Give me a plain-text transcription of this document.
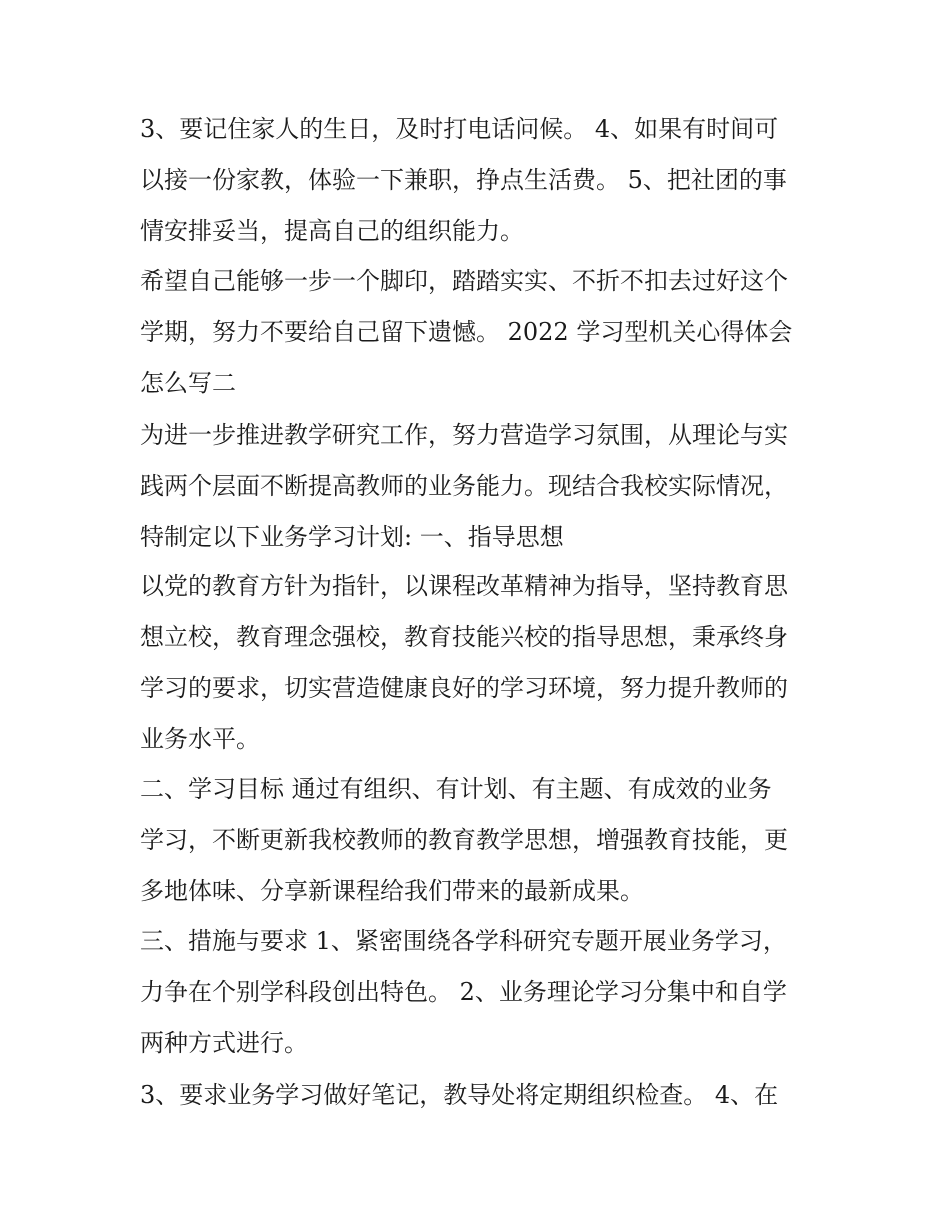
3、要记住家人的生日，及时打电话问候。 4、如果有时间可
以接一份家教，体验一下兼职，挣点生活费。 5、把社团的事
情安排妥当，提高自己的组织能力。

希望自己能够一步一个脚印，踏踏实实、不折不扣去过好这个
学期，努力不要给自己留下遗憾。 2022 学习型机关心得体会
怎么写二

为进一步推进教学研究工作，努力营造学习氛围，从理论与实
践两个层面不断提高教师的业务能力。现结合我校实际情况，
特制定以下业务学习计划: 一、指导思想

以党的教育方针为指针，以课程改革精神为指导，坚持教育思
想立校，教育理念强校，教育技能兴校的指导思想，秉承终身
学习的要求，切实营造健康良好的学习环境，努力提升教师的
业务水平。

二、学习目标 通过有组织、有计划、有主题、有成效的业务
学习，不断更新我校教师的教育教学思想，增强教育技能，更
多地体味、分享新课程给我们带来的最新成果。

三、措施与要求 1、紧密围绕各学科研究专题开展业务学习，
力争在个别学科段创出特色。 2、业务理论学习分集中和自学
两种方式进行。

3、要求业务学习做好笔记，教导处将定期组织检查。 4、在
